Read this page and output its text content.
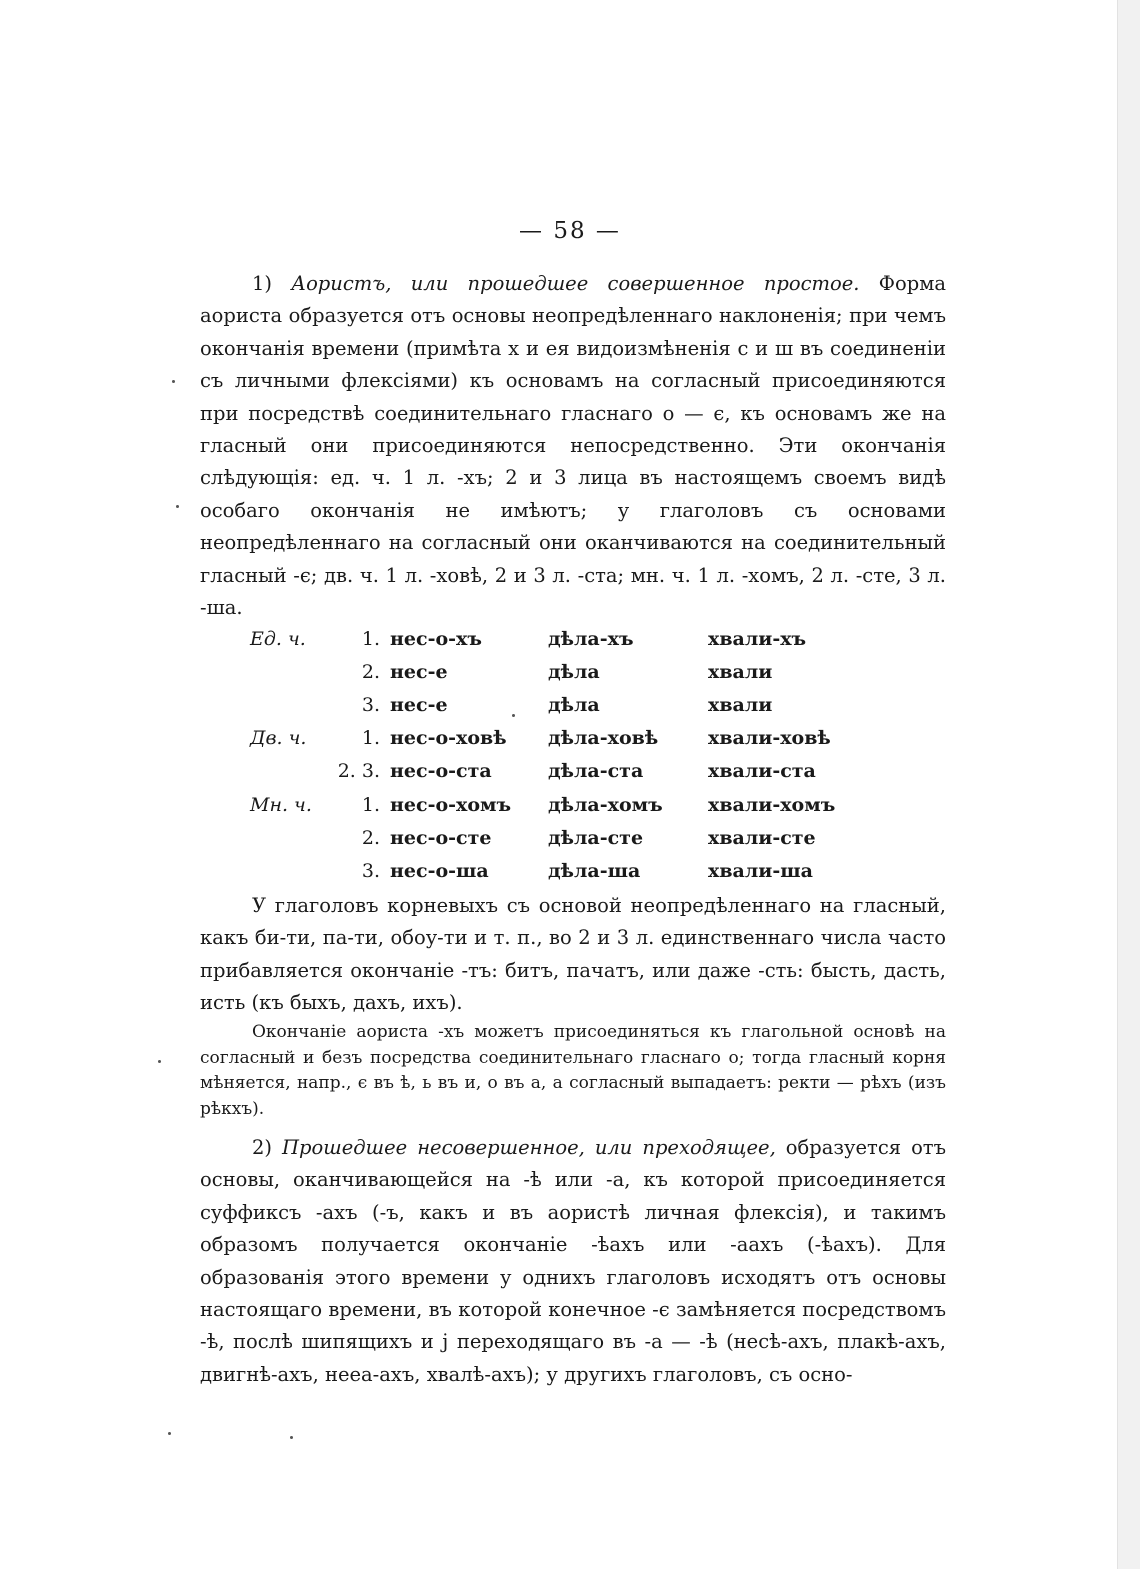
— 58 —

1) Аористъ, или прошедшее совершенное простое. Форма аориста образуется отъ основы неопредѣленнаго наклоненія; при чемъ окончанія времени (примѣта х и ея видоизмѣненія с и ш въ соединеніи съ личными флексіями) къ основамъ на согласный присоединяются при посредствѣ соединительнаго гласнаго о — є, къ основамъ же на гласный они присоединяются непосредственно. Эти окончанія слѣдующія: ед. ч. 1 л. -хъ; 2 и 3 лица въ настоящемъ своемъ видѣ особаго окончанія не имѣютъ; у глаголовъ съ основами неопредѣленнаго на согласный они оканчиваются на соединительный гласный -є; дв. ч. 1 л. -ховѣ, 2 и 3 л. -ста; мн. ч. 1 л. -хомъ, 2 л. -сте, 3 л. -ша.

Ед. ч.	1.	нес-о-хъ	дѣла-хъ	хвали-хъ
	2.	нес-е	дѣла	хвали
	3.	нес-е	дѣла	хвали
Дв. ч.	1.	нес-о-ховѣ	дѣла-ховѣ	хвали-ховѣ
	2. 3.	нес-о-ста	дѣла-ста	хвали-ста
Мн. ч.	1.	нес-о-хомъ	дѣла-хомъ	хвали-хомъ
	2.	нес-о-сте	дѣла-сте	хвали-сте
	3.	нес-о-ша	дѣла-ша	хвали-ша

У глаголовъ корневыхъ съ основой неопредѣленнаго на гласный, какъ би-ти, па-ти, обоу-ти и т. п., во 2 и 3 л. единственнаго числа часто прибавляется окончаніе -тъ: битъ, пачатъ, или даже -сть: бысть, дасть, исть (къ быхъ, дахъ, ихъ).

Окончаніе аориста -хъ можетъ присоединяться къ глагольной основѣ на согласный и безъ посредства соединительнаго гласнаго о; тогда гласный корня мѣняется, напр., є въ ѣ, ь въ и, о въ а, а согласный выпадаетъ: ректи — рѣхъ (изъ рѣкхъ).

2) Прошедшее несовершенное, или преходящее, образуется отъ основы, оканчивающейся на -ѣ или -а, къ которой присоединяется суффиксъ -ахъ (-ъ, какъ и въ аористѣ личная флексія), и такимъ образомъ получается окончаніе -ѣахъ или -аахъ (-ѣахъ). Для образованія этого времени у однихъ глаголовъ исходятъ отъ основы настоящаго времени, въ которой конечное -є замѣняется посредствомъ -ѣ, послѣ шипящихъ и j переходящаго въ -а — -ѣ (несѣ-ахъ, плакѣ-ахъ, двигнѣ-ахъ, нееа-ахъ, хвалѣ-ахъ); у другихъ глаголовъ, съ осно-
